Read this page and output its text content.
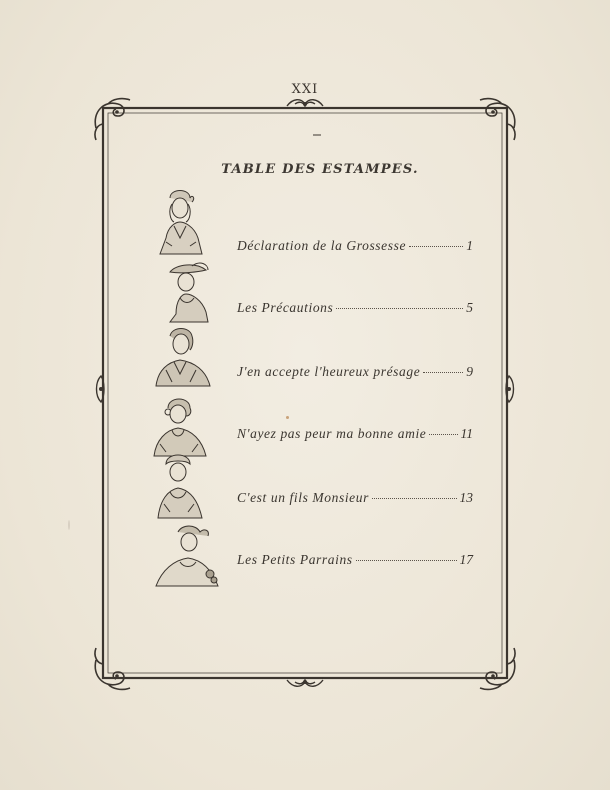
XXI
TABLE DES ESTAMPES.
Déclaration de la Grossesse	1
Les Précautions	5
J'en accepte l'heureux présage	9
N'ayez pas peur ma bonne amie	11
C'est un fils Monsieur	13
Les Petits Parrains	17
